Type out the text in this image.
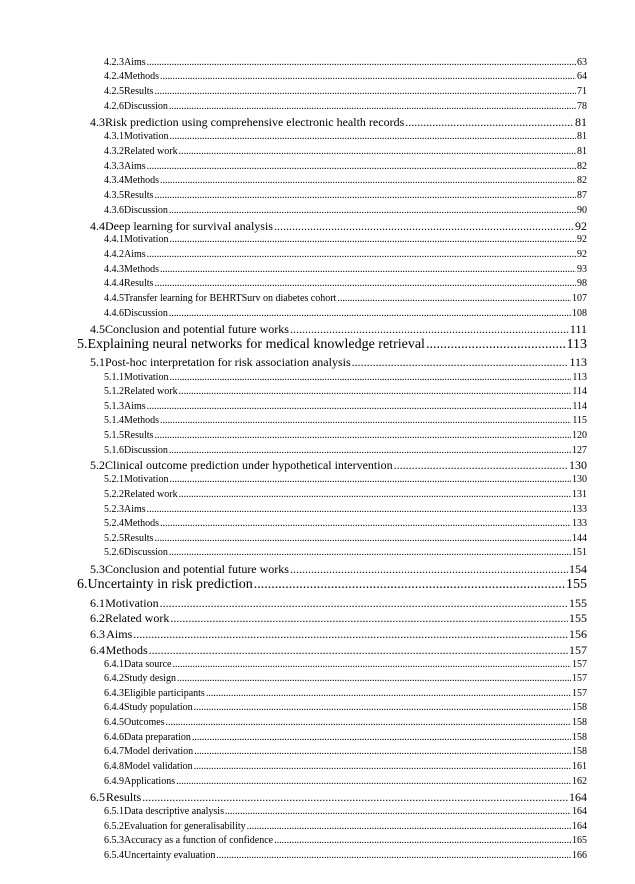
4.2.3 Aims .....	63
4.2.4 Methods .....	64
4.2.5 Results .....	71
4.2.6 Discussion .....	78
4.3 Risk prediction using comprehensive electronic health records .....	81
4.3.1 Motivation .....	81
4.3.2 Related work .....	81
4.3.3 Aims .....	82
4.3.4 Methods .....	82
4.3.5 Results .....	87
4.3.6 Discussion .....	90
4.4 Deep learning for survival analysis .....	92
4.4.1 Motivation .....	92
4.4.2 Aims .....	92
4.4.3 Methods .....	93
4.4.4 Results .....	98
4.4.5 Transfer learning for BEHRTSurv on diabetes cohort .....	107
4.4.6 Discussion .....	108
4.5 Conclusion and potential future works .....	111
5. Explaining neural networks for medical knowledge retrieval .....	113
5.1 Post-hoc interpretation for risk association analysis .....	113
5.1.1 Motivation .....	113
5.1.2 Related work .....	114
5.1.3 Aims .....	114
5.1.4 Methods .....	115
5.1.5 Results .....	120
5.1.6 Discussion .....	127
5.2 Clinical outcome prediction under hypothetical intervention .....	130
5.2.1 Motivation .....	130
5.2.2 Related work .....	131
5.2.3 Aims .....	133
5.2.4 Methods .....	133
5.2.5 Results .....	144
5.2.6 Discussion .....	151
5.3 Conclusion and potential future works .....	154
6. Uncertainty in risk prediction .....	155
6.1 Motivation .....	155
6.2 Related work .....	155
6.3 Aims .....	156
6.4 Methods .....	157
6.4.1 Data source .....	157
6.4.2 Study design .....	157
6.4.3 Eligible participants .....	157
6.4.4 Study population .....	158
6.4.5 Outcomes .....	158
6.4.6 Data preparation .....	158
6.4.7 Model derivation .....	158
6.4.8 Model validation .....	161
6.4.9 Applications .....	162
6.5 Results .....	164
6.5.1 Data descriptive analysis .....	164
6.5.2 Evaluation for generalisability .....	164
6.5.3 Accuracy as a function of confidence .....	165
6.5.4 Uncertainty evaluation .....	166
